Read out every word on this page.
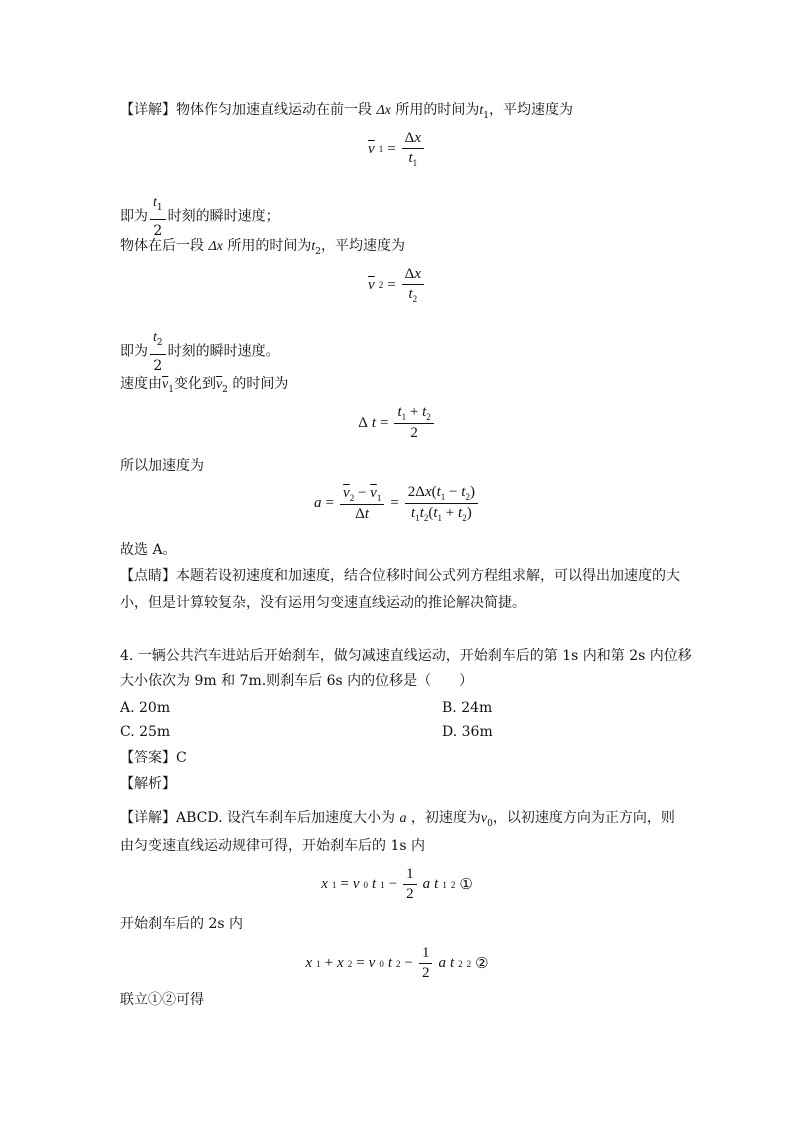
【详解】物体作匀加速直线运动在前一段 Δx 所用的时间为$t_1$，平均速度为
$\overline{v}$ $1 = \frac{\Delta x}{t_1}$
即为 $\frac{t_1}{2}$ 时刻的瞬时速度；
物体在后一段 Δx 所用的时间为$t_2$，平均速度为
$\overline{v}$ $2 = \frac{\Delta x}{t_2}$
即为 $\frac{t_2}{2}$ 时刻的瞬时速度。
速度由$\overline{v}_1$变化到$\overline{v}_2$ 的时间为
Δ $t = \frac{t_1 + t_2}{2}$
所以加速度为
$a = \frac{\overline{v}_2 - \overline{v}_1}{\Delta t} = \frac{2\Delta x(t_1 - t_2)}{t_1t_2(t_1 + t_2)}$
故选 A。
【点睛】本题若设初速度和加速度，结合位移时间公式列方程组求解，可以得出加速度的大
小，但是计算较复杂，没有运用匀变速直线运动的推论解决简捷。
4. 一辆公共汽车进站后开始刹车，做匀减速直线运动，开始刹车后的第 1s 内和第 2s 内位移
大小依次为 9m 和 7m.则刹车后 6s 内的位移是（　　）
A. 20m	B. 24m
C. 25m	D. 36m
【答案】C
【解析】
【详解】ABCD. 设汽车刹车后加速度大小为 a ，初速度为$v_0$，以初速度方向为正方向，则
由匀变速直线运动规律可得，开始刹车后的 1s 内
x 1 = v 0 t $1 - \frac{1}{2}$ a t 1 2 ①
开始刹车后的 2s 内
x 1 + x 2 = v 0 t $2 - \frac{1}{2}$ a t 2 2 ②
联立①②可得
